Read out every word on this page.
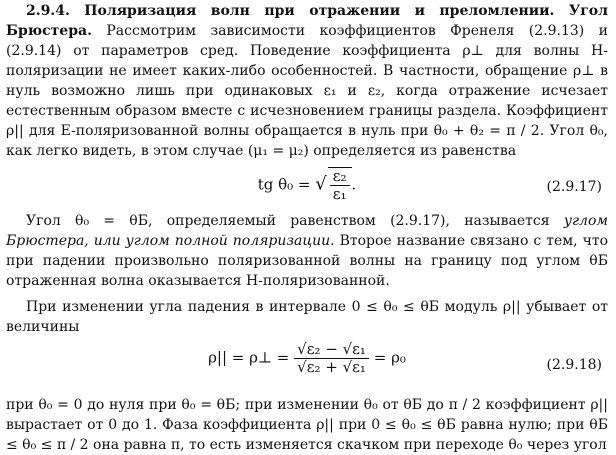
2.9.4. Поляризация волн при отражении и преломлении. Угол Брюстера. Рассмотрим зависимости коэффициентов Френеля (2.9.13) и (2.9.14) от параметров сред. Поведение коэффициента ρ⊥ для волны H-поляризации не имеет каких-либо особенностей. В частности, обращение ρ⊥ в нуль возможно лишь при одинаковых ε₁ и ε₂, когда отражение исчезает естественным образом вместе с исчезновением границы раздела. Коэффициент ρ|| для E-поляризованной волны обращается в нуль при θ₀ + θ₂ = π / 2. Угол θ₀, как легко видеть, в этом случае (μ₁ = μ₂) определяется из равенства

tg θ₀ = √ $\frac{\text{ε₂}}{\text{ε₁}}$ .	(2.9.17)

Угол θ₀ = θБ, определяемый равенством (2.9.17), называется углом Брюстера, или углом полной поляризации. Второе название связано с тем, что при падении произвольно поляризованной волны на границу под углом θБ отраженная волна оказывается H-поляризованной.

При изменении угла падения в интервале 0 ≤ θ₀ ≤ θБ модуль ρ|| убывает от величины

ρ|| = ρ⊥ = $\frac{\text{√ε₂ − √ε₁}}{\text{√ε₂ + √ε₁}} = \rho_0$	(2.9.18)

при θ₀ = 0 до нуля при θ₀ = θБ; при изменении θ₀ от θБ до π / 2 коэффициент ρ|| вырастает от 0 до 1. Фаза коэффициента ρ|| при 0 ≤ θ₀ ≤ θБ равна нулю; при θБ ≤ θ₀ ≤ π / 2 она равна π, то есть изменяется скачком при переходе θ₀ через угол
